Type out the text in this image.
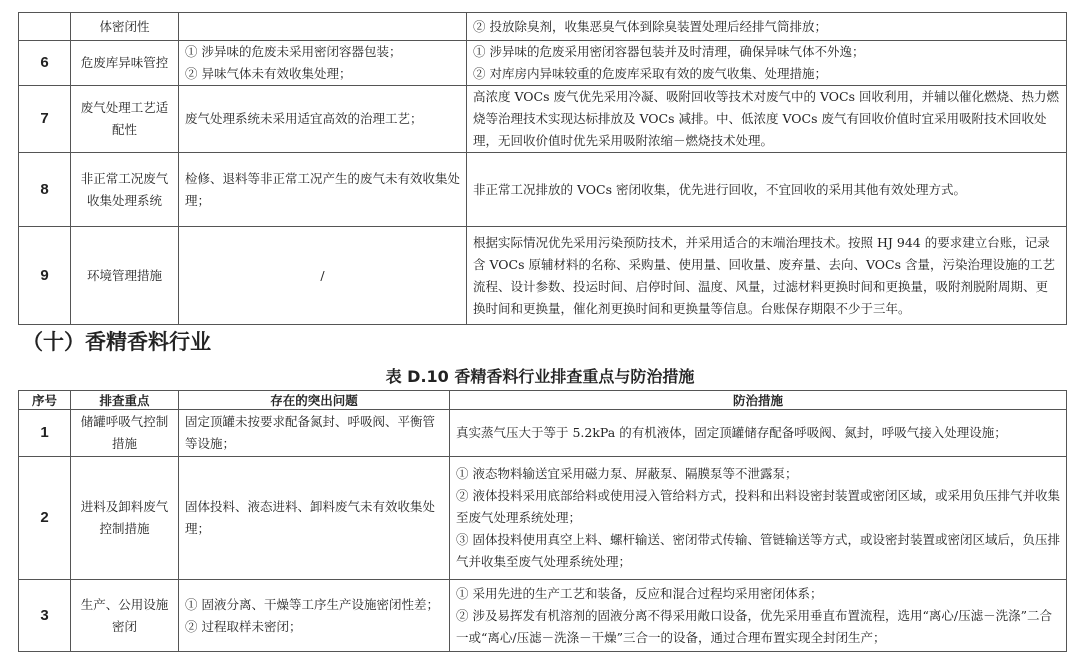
	体密闭性		② 投放除臭剂，收集恶臭气体到除臭装置处理后经排气筒排放；

6	危废库异味管控	① 涉异味的危废未采用密闭容器包装；
② 异味气体未有效收集处理；	① 涉异味的危废采用密闭容器包装并及时清理，确保异味气体不外逸；
② 对库房内异味较重的危废库采取有效的废气收集、处理措施；

7	废气处理工艺适配性	废气处理系统未采用适宜高效的治理工艺；	高浓度 VOCs 废气优先采用冷凝、吸附回收等技术对废气中的 VOCs 回收利用，并辅以催化燃烧、热力燃烧等治理技术实现达标排放及 VOCs 减排。中、低浓度 VOCs 废气有回收价值时宜采用吸附技术回收处理，无回收价值时优先采用吸附浓缩－燃烧技术处理。

8	非正常工况废气收集处理系统	检修、退料等非正常工况产生的废气未有效收集处理；	非正常工况排放的 VOCs 密闭收集，优先进行回收，不宜回收的采用其他有效处理方式。

9	环境管理措施	/	根据实际情况优先采用污染预防技术，并采用适合的末端治理技术。按照 HJ 944 的要求建立台账，记录含 VOCs 原辅材料的名称、采购量、使用量、回收量、废弃量、去向、VOCs 含量，污染治理设施的工艺流程、设计参数、投运时间、启停时间、温度、风量，过滤材料更换时间和更换量，吸附剂脱附周期、更换时间和更换量，催化剂更换时间和更换量等信息。台账保存期限不少于三年。
（十）香精香料行业
表 D.10 香精香料行业排查重点与防治措施
序号	排查重点	存在的突出问题	防治措施
1	储罐呼吸气控制措施	固定顶罐未按要求配备氮封、呼吸阀、平衡管等设施；	真实蒸气压大于等于 5.2kPa 的有机液体，固定顶罐储存配备呼吸阀、氮封，呼吸气接入处理设施；

2	进料及卸料废气控制措施	固体投料、液态进料、卸料废气未有效收集处理；	① 液态物料输送宜采用磁力泵、屏蔽泵、隔膜泵等不泄露泵；
② 液体投料采用底部给料或使用浸入管给料方式，投料和出料设密封装置或密闭区域，或采用负压排气并收集至废气处理系统处理；
③ 固体投料使用真空上料、螺杆输送、密闭带式传输、管链输送等方式，或设密封装置或密闭区域后，负压排气并收集至废气处理系统处理；

3	生产、公用设施密闭	① 固液分离、干燥等工序生产设施密闭性差；
② 过程取样未密闭；	① 采用先进的生产工艺和装备，反应和混合过程均采用密闭体系；
② 涉及易挥发有机溶剂的固液分离不得采用敞口设备，优先采用垂直布置流程，选用“离心/压滤－洗涤”二合一或“离心/压滤－洗涤－干燥”三合一的设备，通过合理布置实现全封闭生产；
